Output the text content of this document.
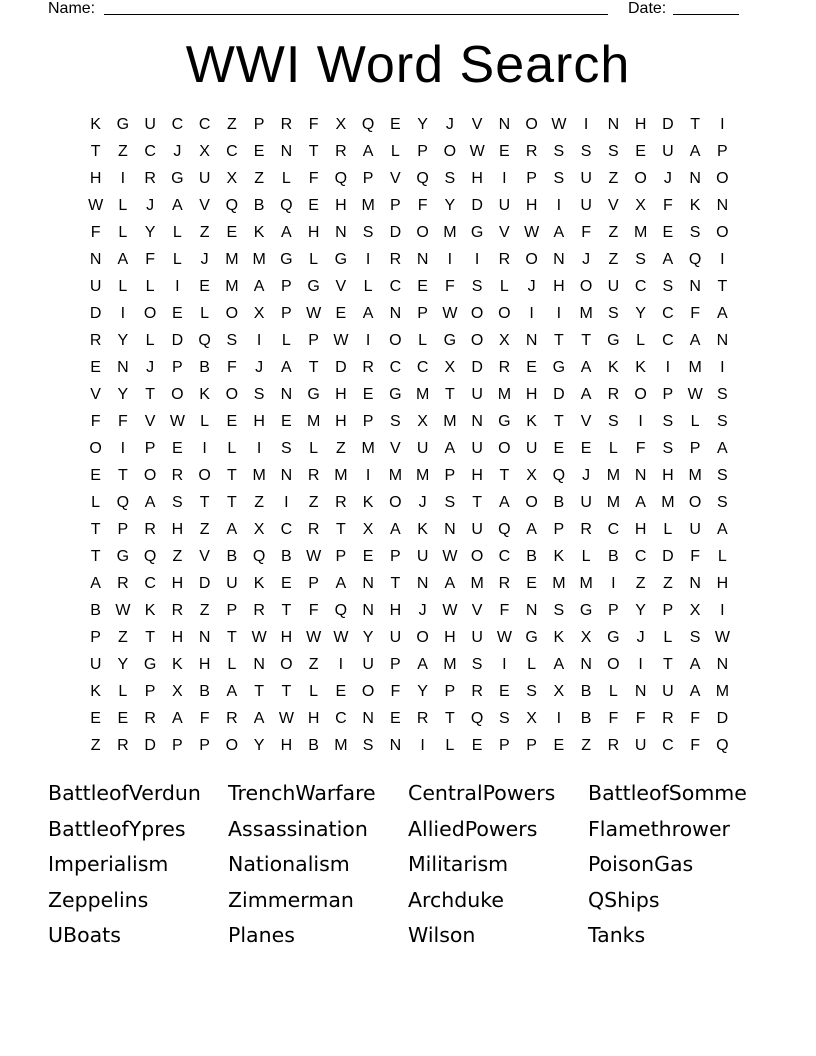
Name:	Date:
WWI Word Search
K G U C C	Z	P	R	F	X Q E	Y	J	V	N O W	I	N H D	T	I
T	Z	C	J	X	C	E	N	T	R	A	L	P O W E	R	S	S	S	E	U	A	P
H	I	R G U	X	Z	L	F	Q P	V Q S	H	I	P	S	U	Z	O	J	N O
W L	J	A	V Q B Q E	H M P	F	Y	D U H	I	U	V	X	F	K	N
F	L	Y	L	Z	E	K	A	H N	S	D O M G V W A	F	Z M E	S O
N	A	F	L	J	M M G	L	G	I	R N	I	I	R O N	J	Z	S	A Q	I
U	L	L	I	E M A	P G V	L	C	E	F	S	L	J	H O U C	S	N	T
D	I	O E	L	O X	P W E	A	N	P W O O	I	I	M S	Y	C	F	A
R	Y	L	D Q S	I	L	P W	I	O	L	G O X	N	T	T	G	L	C	A	N
E	N	J	P	B	F	J	A	T	D R C C	X	D R	E G A	K	K	I	M	I
V	Y	T	O K O S	N G H	E G M T	U M H D	A	R O P W S
F	F	V W L	E	H	E M H	P	S	X M N G K	T	V	S	I	S	L	S
O	I	P	E	I	L	I	S	L	Z M V	U	A	U O U	E	E	L	F	S	P	A
E	T	O R O	T M N R M	I	M M P	H	T	X Q	J	M N H M S
L	Q A	S	T	T	Z	I	Z	R	K O	J	S	T	A O B	U M A M O S
T	P	R H	Z	A	X	C R	T	X	A	K	N U Q A	P	R C H	L	U	A
T	G Q	Z	V	B Q B W P	E	P	U W O C	B	K	L	B	C D	F	L
A	R C H D U	K	E	P	A	N	T	N	A M R	E M M	I	Z	Z	N H
B W K	R	Z	P	R	T	F	Q N H	J W V	F	N	S G P	Y	P	X	I
P	Z	T	H N	T W H W W Y	U O H U W G K	X G	J	L	S W
U	Y G K	H	L	N O	Z	I	U	P	A M S	I	L	A	N O	I	T	A	N
K	L	P	X	B	A	T	T	L	E O	F	Y	P	R	E	S	X	B	L	N U	A M
E	E	R	A	F	R	A W H C N	E	R	T	Q S	X	I	B	F	F	R	F	D
Z	R D	P	P O Y	H	B M S	N	I	L	E	P	P	E	Z	R U C	F	Q
BattleofVerdun	TrenchWarfare	CentralPowers	BattleofSomme
BattleofYpres	Assassination	AlliedPowers	Flamethrower
Imperialism	Nationalism	Militarism	PoisonGas
Zeppelins	Zimmerman	Archduke	QShips
UBoats	Planes	Wilson	Tanks
